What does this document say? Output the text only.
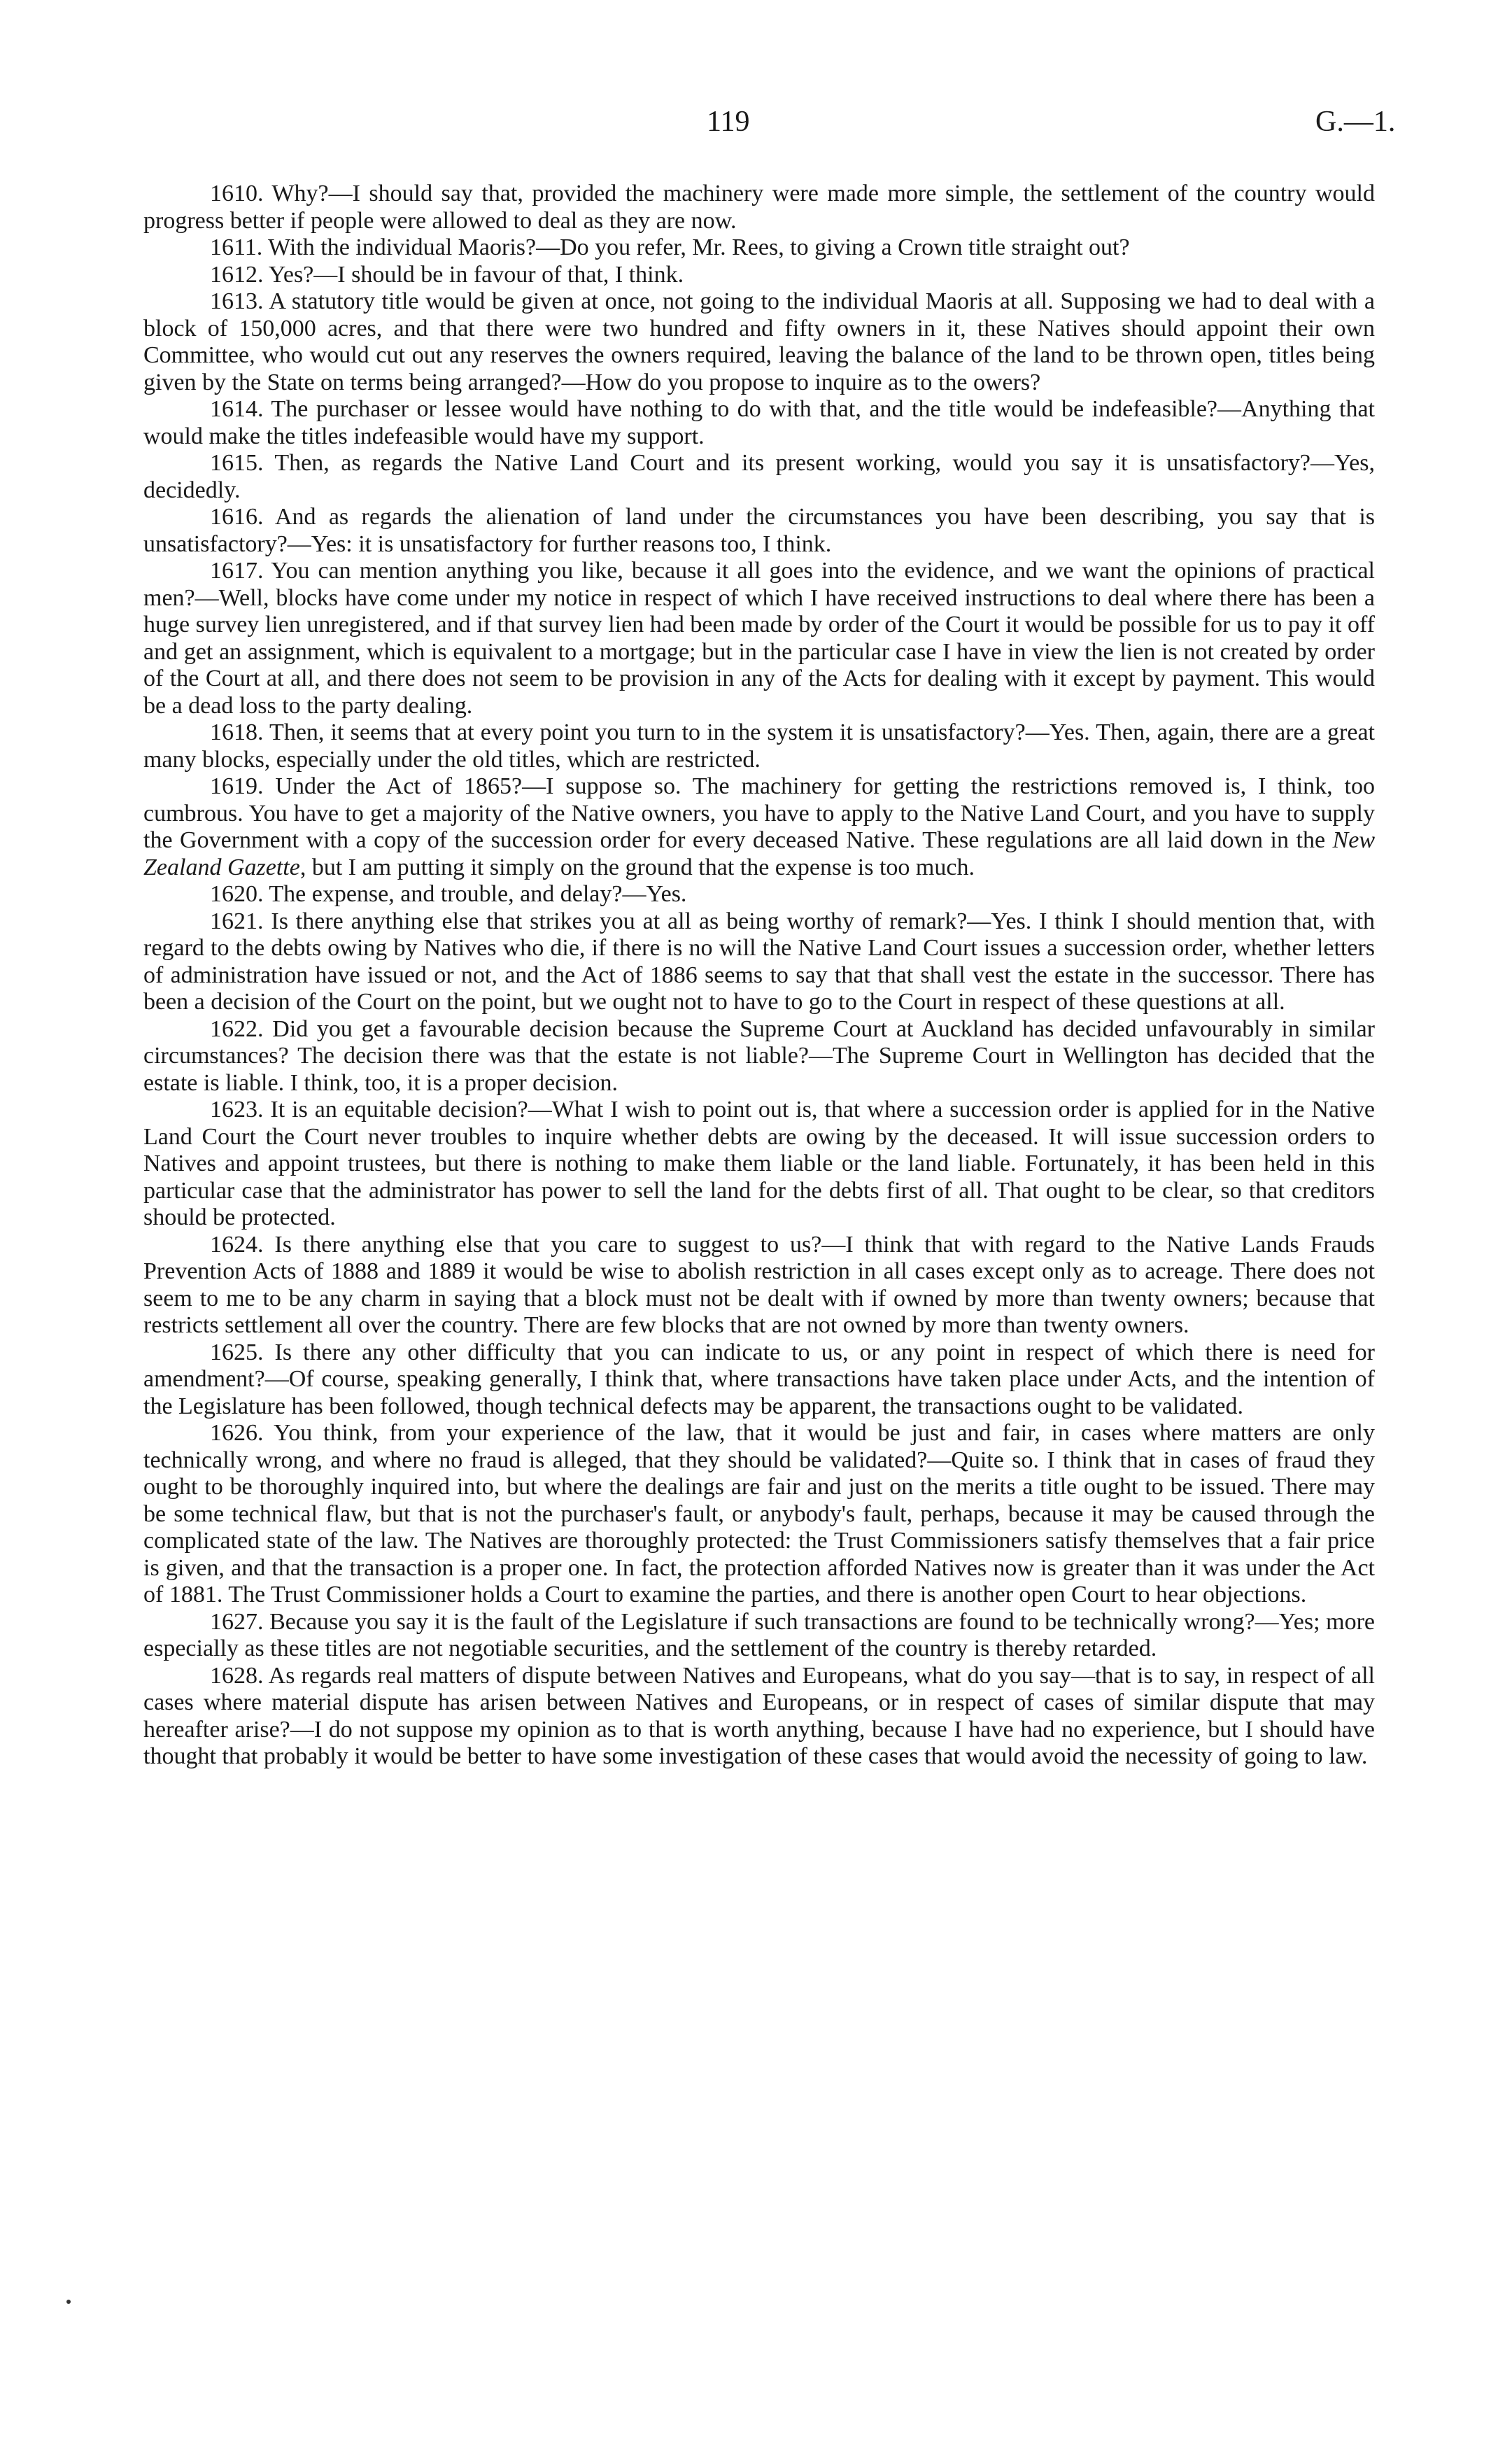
119	G.—1.

1610. Why?—I should say that, provided the machinery were made more simple, the settlement of the country would progress better if people were allowed to deal as they are now.

1611. With the individual Maoris?—Do you refer, Mr. Rees, to giving a Crown title straight out?

1612. Yes?—I should be in favour of that, I think.

1613. A statutory title would be given at once, not going to the individual Maoris at all. Supposing we had to deal with a block of 150,000 acres, and that there were two hundred and fifty owners in it, these Natives should appoint their own Committee, who would cut out any reserves the owners required, leaving the balance of the land to be thrown open, titles being given by the State on terms being arranged?—How do you propose to inquire as to the owers?

1614. The purchaser or lessee would have nothing to do with that, and the title would be indefeasible?—Anything that would make the titles indefeasible would have my support.

1615. Then, as regards the Native Land Court and its present working, would you say it is unsatisfactory?—Yes, decidedly.

1616. And as regards the alienation of land under the circumstances you have been describing, you say that is unsatisfactory?—Yes: it is unsatisfactory for further reasons too, I think.

1617. You can mention anything you like, because it all goes into the evidence, and we want the opinions of practical men?—Well, blocks have come under my notice in respect of which I have received instructions to deal where there has been a huge survey lien unregistered, and if that survey lien had been made by order of the Court it would be possible for us to pay it off and get an assignment, which is equivalent to a mortgage; but in the particular case I have in view the lien is not created by order of the Court at all, and there does not seem to be provision in any of the Acts for dealing with it except by payment. This would be a dead loss to the party dealing.

1618. Then, it seems that at every point you turn to in the system it is unsatisfactory?—Yes. Then, again, there are a great many blocks, especially under the old titles, which are restricted.

1619. Under the Act of 1865?—I suppose so. The machinery for getting the restrictions removed is, I think, too cumbrous. You have to get a majority of the Native owners, you have to apply to the Native Land Court, and you have to supply the Government with a copy of the succession order for every deceased Native. These regulations are all laid down in the New Zealand Gazette, but I am putting it simply on the ground that the expense is too much.

1620. The expense, and trouble, and delay?—Yes.

1621. Is there anything else that strikes you at all as being worthy of remark?—Yes. I think I should mention that, with regard to the debts owing by Natives who die, if there is no will the Native Land Court issues a succession order, whether letters of administration have issued or not, and the Act of 1886 seems to say that that shall vest the estate in the successor. There has been a decision of the Court on the point, but we ought not to have to go to the Court in respect of these questions at all.

1622. Did you get a favourable decision because the Supreme Court at Auckland has decided unfavourably in similar circumstances? The decision there was that the estate is not liable?—The Supreme Court in Wellington has decided that the estate is liable. I think, too, it is a proper decision.

1623. It is an equitable decision?—What I wish to point out is, that where a succession order is applied for in the Native Land Court the Court never troubles to inquire whether debts are owing by the deceased. It will issue succession orders to Natives and appoint trustees, but there is nothing to make them liable or the land liable. Fortunately, it has been held in this particular case that the administrator has power to sell the land for the debts first of all. That ought to be clear, so that creditors should be protected.

1624. Is there anything else that you care to suggest to us?—I think that with regard to the Native Lands Frauds Prevention Acts of 1888 and 1889 it would be wise to abolish restriction in all cases except only as to acreage. There does not seem to me to be any charm in saying that a block must not be dealt with if owned by more than twenty owners; because that restricts settlement all over the country. There are few blocks that are not owned by more than twenty owners.

1625. Is there any other difficulty that you can indicate to us, or any point in respect of which there is need for amendment?—Of course, speaking generally, I think that, where transactions have taken place under Acts, and the intention of the Legislature has been followed, though technical defects may be apparent, the transactions ought to be validated.

1626. You think, from your experience of the law, that it would be just and fair, in cases where matters are only technically wrong, and where no fraud is alleged, that they should be validated?—Quite so. I think that in cases of fraud they ought to be thoroughly inquired into, but where the dealings are fair and just on the merits a title ought to be issued. There may be some technical flaw, but that is not the purchaser's fault, or anybody's fault, perhaps, because it may be caused through the complicated state of the law. The Natives are thoroughly protected: the Trust Commissioners satisfy themselves that a fair price is given, and that the transaction is a proper one. In fact, the protection afforded Natives now is greater than it was under the Act of 1881. The Trust Commissioner holds a Court to examine the parties, and there is another open Court to hear objections.

1627. Because you say it is the fault of the Legislature if such transactions are found to be technically wrong?—Yes; more especially as these titles are not negotiable securities, and the settlement of the country is thereby retarded.

1628. As regards real matters of dispute between Natives and Europeans, what do you say—that is to say, in respect of all cases where material dispute has arisen between Natives and Europeans, or in respect of cases of similar dispute that may hereafter arise?—I do not suppose my opinion as to that is worth anything, because I have had no experience, but I should have thought that probably it would be better to have some investigation of these cases that would avoid the necessity of going to law.
